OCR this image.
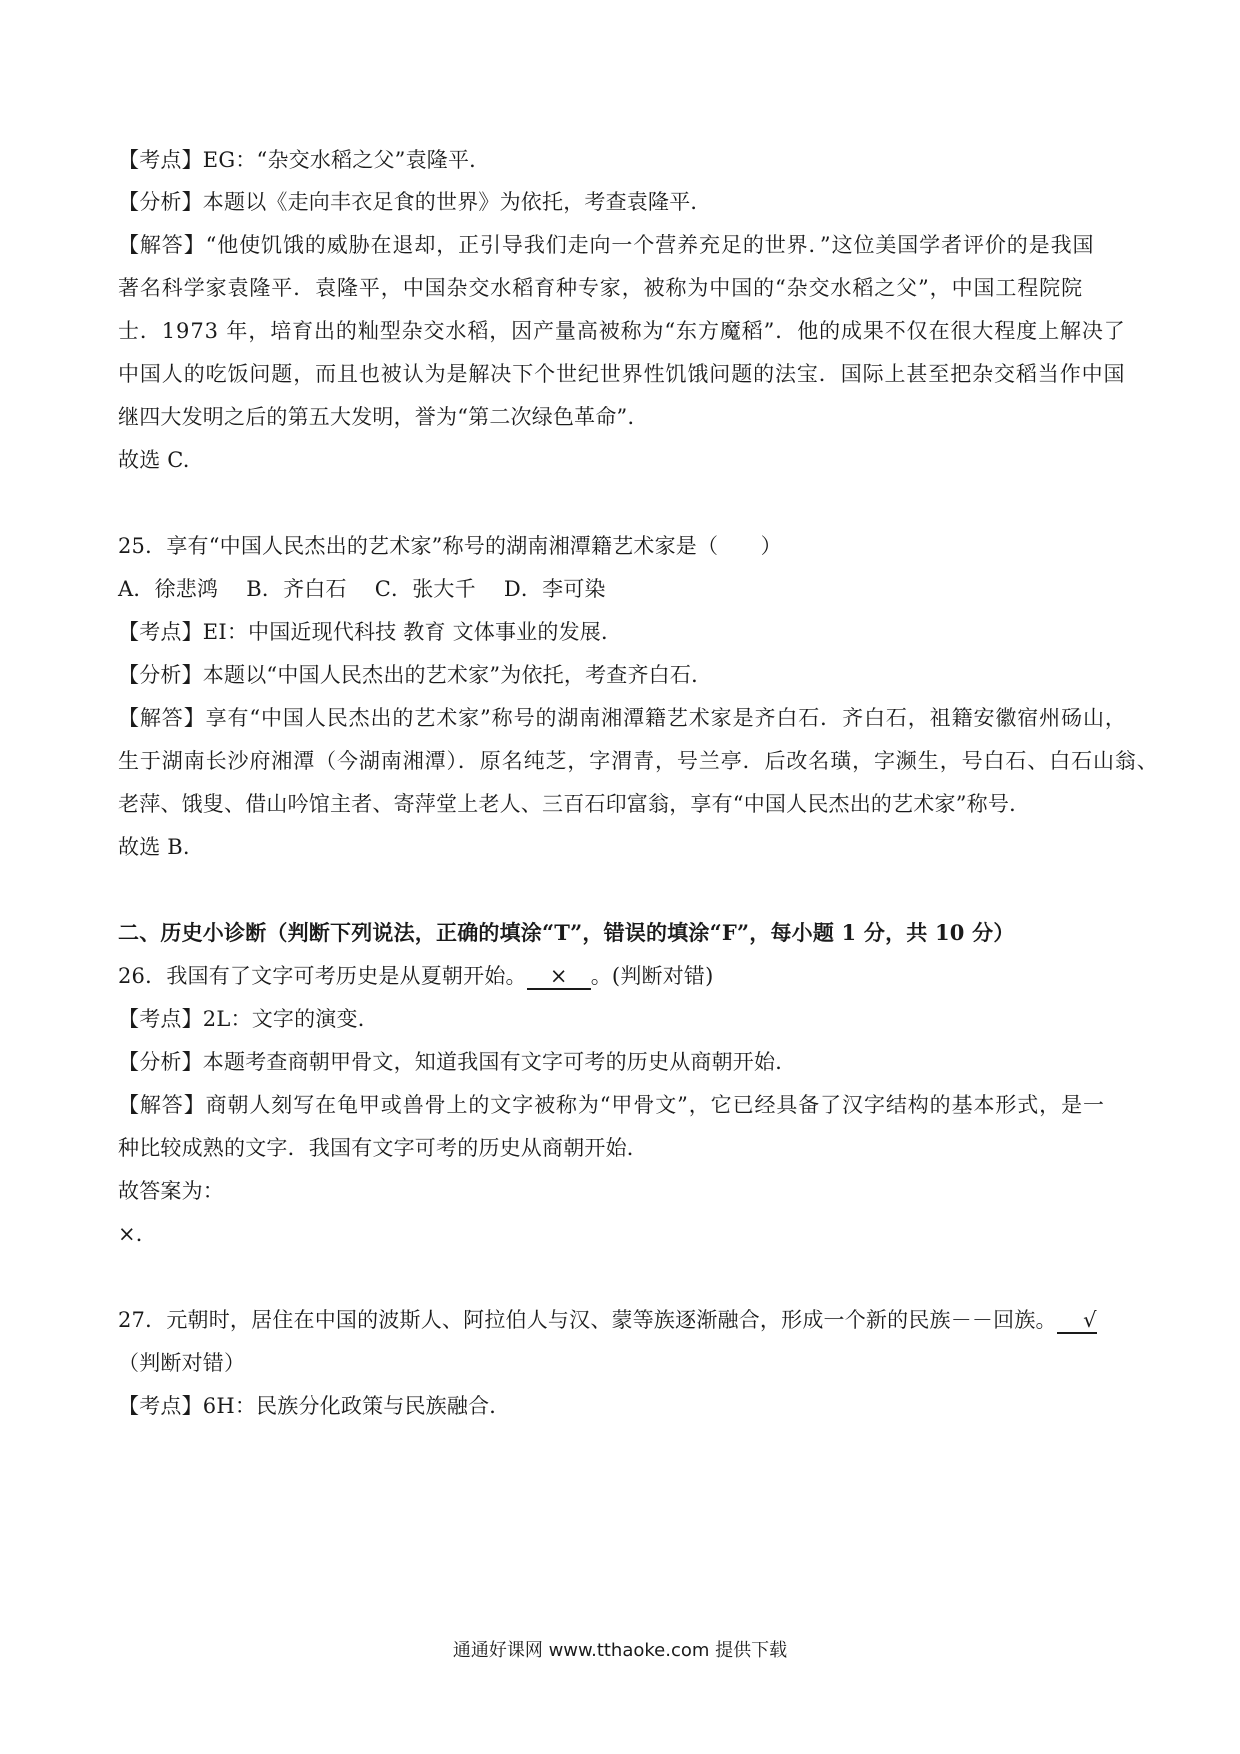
【考点】EG：“杂交水稻之父”袁隆平．
【分析】本题以《走向丰衣足食的世界》为依托，考查袁隆平．
【解答】“他使饥饿的威胁在退却，正引导我们走向一个营养充足的世界．”这位美国学者评价的是我国
著名科学家袁隆平．袁隆平，中国杂交水稻育种专家，被称为中国的“杂交水稻之父”，中国工程院院
士．1973 年，培育出的籼型杂交水稻，因产量高被称为“东方魔稻”．他的成果不仅在很大程度上解决了
中国人的吃饭问题，而且也被认为是解决下个世纪世界性饥饿问题的法宝．国际上甚至把杂交稻当作中国
继四大发明之后的第五大发明，誉为“第二次绿色革命”．
故选 C.
25．享有“中国人民杰出的艺术家”称号的湖南湘潭籍艺术家是（　　）
A．徐悲鸿　 B．齐白石　 C．张大千　 D．李可染
【考点】EI：中国近现代科技 教育 文体事业的发展．
【分析】本题以“中国人民杰出的艺术家”为依托，考查齐白石．
【解答】享有“中国人民杰出的艺术家”称号的湖南湘潭籍艺术家是齐白石．齐白石，祖籍安徽宿州砀山，
生于湖南长沙府湘潭（今湖南湘潭）．原名纯芝，字渭青，号兰亭．后改名璜，字濒生，号白石、白石山翁、
老萍、饿叟、借山吟馆主者、寄萍堂上老人、三百石印富翁，享有“中国人民杰出的艺术家”称号．
故选 B.
二、历史小诊断（判断下列说法，正确的填涂“T”，错误的填涂“F”，每小题 1 分，共 10 分）
26．我国有了文字可考历史是从夏朝开始。 × 。(判断对错)
【考点】2L：文字的演变．
【分析】本题考查商朝甲骨文，知道我国有文字可考的历史从商朝开始．
【解答】商朝人刻写在龟甲或兽骨上的文字被称为“甲骨文”，它已经具备了汉字结构的基本形式，是一
种比较成熟的文字．我国有文字可考的历史从商朝开始．
故答案为：
×．
27．元朝时，居住在中国的波斯人、阿拉伯人与汉、蒙等族逐渐融合，形成一个新的民族－－回族。 √
（判断对错）
【考点】6H：民族分化政策与民族融合．
通通好课网 www.tthaoke.com 提供下载
